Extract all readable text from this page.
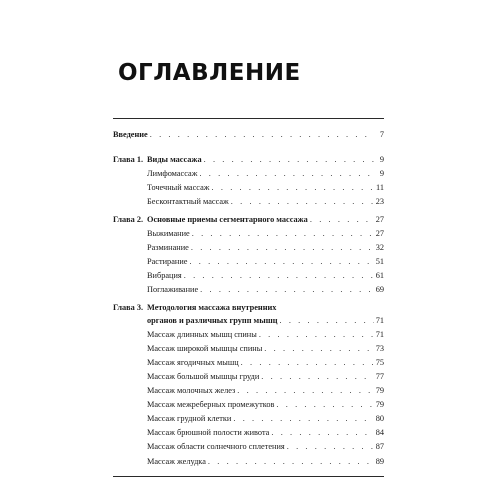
ОГЛАВЛЕНИЕ
Введение . . .	7
Глава 1. Виды массажа . . .	9
Лимфомассаж . . .	9
Точечный массаж . . .	11
Бесконтактный массаж . . .	23
Глава 2. Основные приемы сегментарного массажа . . .	27
Выжимание . . .	27
Разминание . . .	32
Растирание . . .	51
Вибрация . . .	61
Поглаживание . . .	69
Глава 3. Методология массажа внутренних
органов и различных групп мышц . . .	71
Массаж длинных мышц спины . . .	71
Массаж широкой мышцы спины . . .	73
Массаж ягодичных мышц . . .	75
Массаж большой мышцы груди . . .	77
Массаж молочных желез . . .	79
Массаж межреберных промежутков . . .	79
Массаж грудной клетки . . .	80
Массаж брюшной полости живота . . .	84
Массаж области солнечного сплетения . . .	87
Массаж желудка . . .	89
